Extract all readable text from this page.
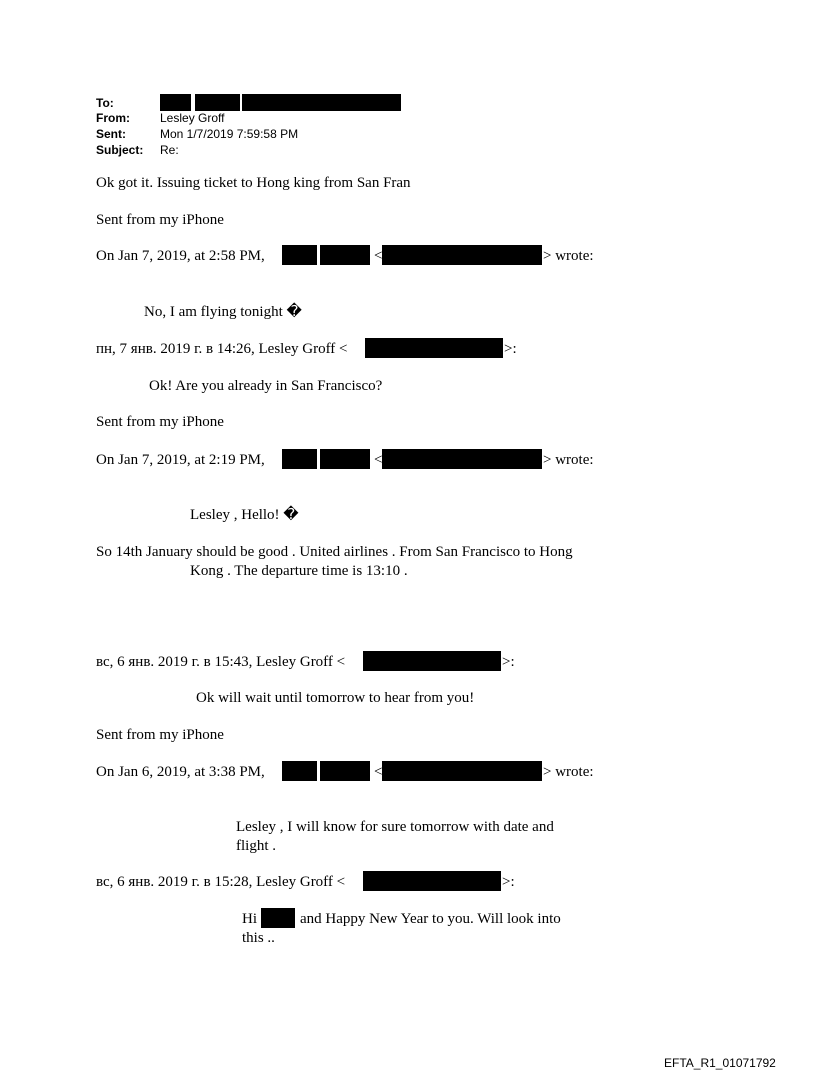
To:
From:	Lesley Groff
Sent:	Mon 1/7/2019 7:59:58 PM
Subject: Re:
Ok got it. Issuing ticket to Hong king from San Fran
Sent from my iPhone
On Jan 7, 2019, at 2:58 PM,	<	> wrote:
No, I am flying tonight �
пн, 7 янв. 2019 г. в 14:26, Lesley Groff <	>:
Ok! Are you already in San Francisco?
Sent from my iPhone
On Jan 7, 2019, at 2:19 PM,	<	> wrote:
Lesley , Hello! �
So 14th January should be good . United airlines . From San Francisco to Hong
Kong . The departure time is 13:10 .
вс, 6 янв. 2019 г. в 15:43, Lesley Groff <	>:
Ok will wait until tomorrow to hear from you!
Sent from my iPhone
On Jan 6, 2019, at 3:38 PM,	<	> wrote:
Lesley , I will know for sure tomorrow with date and
flight .
вс, 6 янв. 2019 г. в 15:28, Lesley Groff <	>:
Hi	and Happy New Year to you. Will look into
this ..
EFTA_R1_01071792
